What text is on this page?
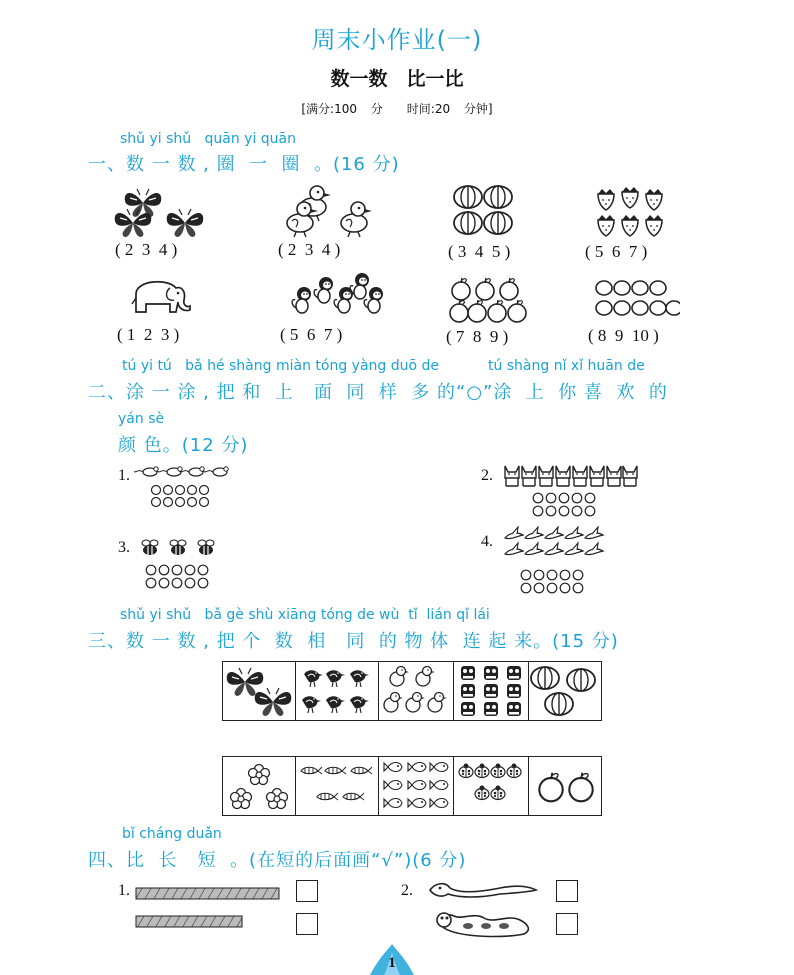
周末小作业(一)
数一数　比一比
[满分:100 分　　时间:20 分钟]
shǔ yi shǔ   quān yi quān
一、数 一 数 , 圈  一  圈  。(16 分)
( 2  3  4 )	( 2  3  4 )	( 3  4  5 )	( 5  6  7 )
( 1  2  3 )	( 5  6  7 )	( 7  8  9 )	( 8  9  10 )
tú yi tú   bǎ hé shàng miàn tóng yàng duō de           tú shàng nǐ xǐ huān de
二、涂 一 涂 , 把 和  上   面  同  样  多 的“○”涂  上  你 喜  欢  的
yán sè
颜 色。(12 分)
1.	2.
3.	4.
shǔ yi shǔ   bǎ gè shù xiāng tóng de wù  tǐ  lián qǐ lái
三、数 一 数 , 把 个  数  相   同  的 物 体  连 起 来。(15 分)
bǐ cháng duǎn
四、比  长   短  。(在短的后面画“√”)(6 分)
1.	2.
1
